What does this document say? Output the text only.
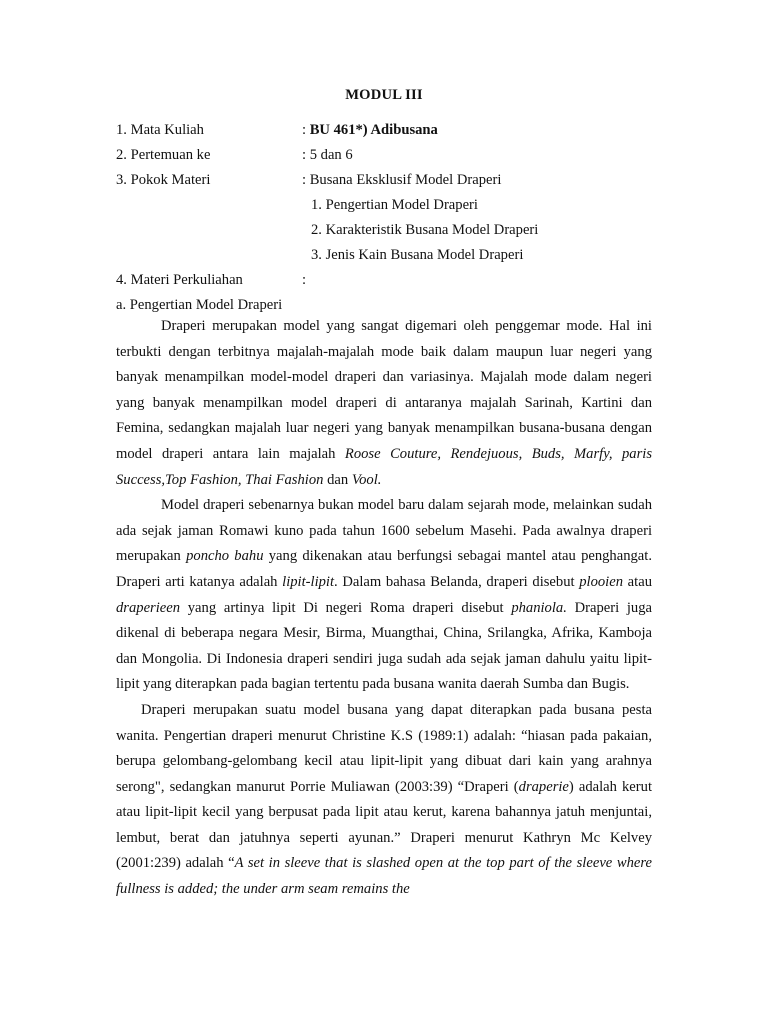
MODUL III
1. Mata Kuliah	: BU 461*) Adibusana
2. Pertemuan ke	: 5 dan 6
3. Pokok Materi	: Busana Eksklusif Model Draperi
1. Pengertian Model Draperi
2. Karakteristik Busana Model Draperi
3. Jenis Kain Busana Model Draperi
4. Materi Perkuliahan	:
a. Pengertian Model Draperi

Draperi merupakan model yang sangat digemari oleh penggemar mode. Hal ini terbukti dengan terbitnya majalah-majalah mode baik dalam maupun luar negeri yang banyak menampilkan model-model draperi dan variasinya. Majalah mode dalam negeri yang banyak menampilkan model draperi di antaranya majalah Sarinah, Kartini dan Femina, sedangkan majalah luar negeri yang banyak menampilkan busana-busana dengan model draperi antara lain majalah Roose Couture, Rendejuous, Buds, Marfy, paris Success,Top Fashion, Thai Fashion dan Vool.

Model draperi sebenarnya bukan model baru dalam sejarah mode, melainkan sudah ada sejak jaman Romawi kuno pada tahun 1600 sebelum Masehi. Pada awalnya draperi merupakan poncho bahu yang dikenakan atau berfungsi sebagai mantel atau penghangat. Draperi arti katanya adalah lipit-lipit. Dalam bahasa Belanda, draperi disebut plooien atau draperieen yang artinya lipit Di negeri Roma draperi disebut phaniola. Draperi juga dikenal di beberapa negara Mesir, Birma, Muangthai, China, Srilangka, Afrika, Kamboja dan Mongolia. Di Indonesia draperi sendiri juga sudah ada sejak jaman dahulu yaitu lipit-lipit yang diterapkan pada bagian tertentu pada busana wanita daerah Sumba dan Bugis.

Draperi merupakan suatu model busana yang dapat diterapkan pada busana pesta wanita. Pengertian draperi menurut Christine K.S (1989:1) adalah: “hiasan pada pakaian, berupa gelombang-gelombang kecil atau lipit-lipit yang dibuat dari kain yang arahnya serong", sedangkan manurut Porrie Muliawan (2003:39) “Draperi (draperie) adalah kerut atau lipit-lipit kecil yang berpusat pada lipit atau kerut, karena bahannya jatuh menjuntai, lembut, berat dan jatuhnya seperti ayunan.” Draperi menurut Kathryn Mc Kelvey (2001:239) adalah “A set in sleeve that is slashed open at the top part of the sleeve where fullness is added; the under arm seam remains the
